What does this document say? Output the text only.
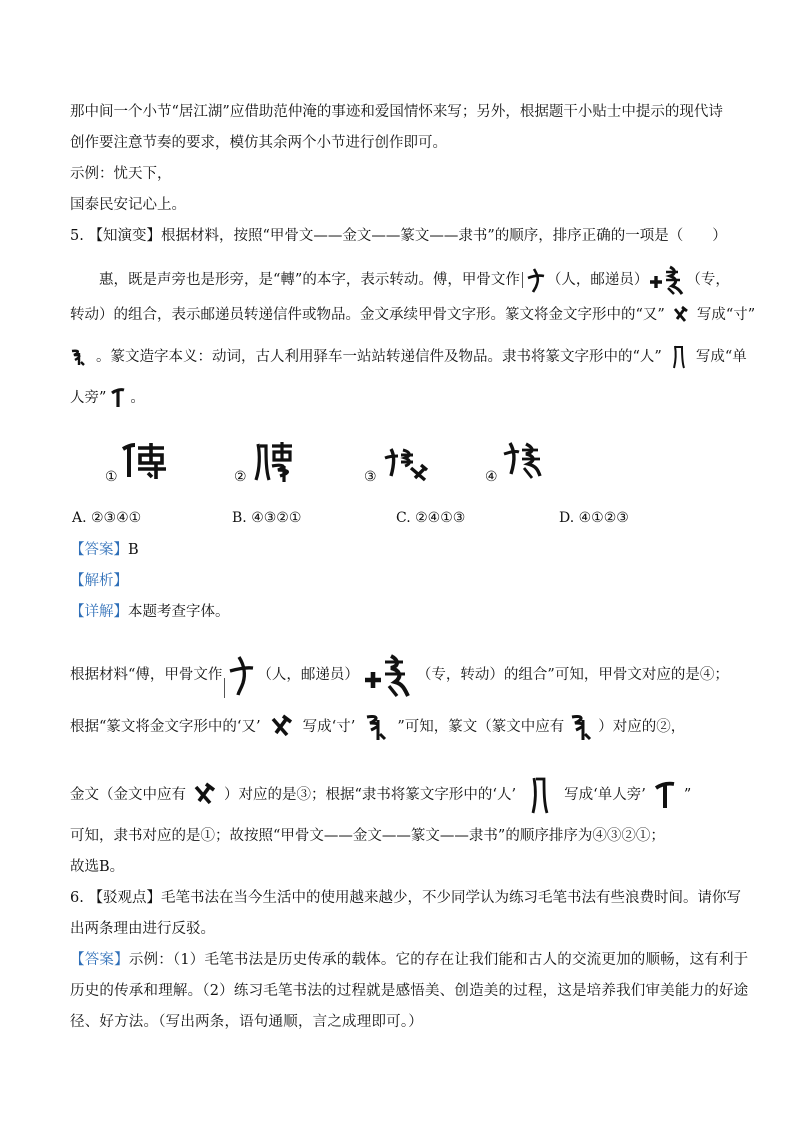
那中间一个小节“居江湖”应借助范仲淹的事迹和爱国情怀来写；另外，根据题干小贴士中提示的现代诗
创作要注意节奏的要求，模仿其余两个小节进行创作即可。
示例：忧天下，
国泰民安记心上。
5. 【知演变】根据材料，按照“甲骨文——金文——篆文——隶书”的顺序，排序正确的一项是（　　）
惠，既是声旁也是形旁，是“轉”的本字，表示转动。傅，甲骨文作 （人，邮递员）	（专，
转动）的组合，表示邮递员转递信件或物品。金文承续甲骨文字形。篆文将金文字形中的“又” 写成“寸”
。篆文造字本义：动词，古人利用驿车一站站转递信件及物品。隶书将篆文字形中的“人” 写成“单
人旁” 。
①	②	③	④
A. ②③④①	B. ④③②①	C. ②④①③	D. ④①②③
【答案】B
【解析】
【详解】本题考查字体。
根据材料“傅，甲骨文作 （人，邮递员）	（专，转动）的组合”可知，甲骨文对应的是④；
根据“篆文将金文字形中的‘又’	写成‘寸’	”可知，篆文（篆文中应有 ）对应的②，
金文（金文中应有	）对应的是③；根据“隶书将篆文字形中的‘人’	写成‘单人旁’	”
可知，隶书对应的是①；故按照“甲骨文——金文——篆文——隶书”的顺序排序为④③②①；
故选B。
6. 【驳观点】毛笔书法在当今生活中的使用越来越少，不少同学认为练习毛笔书法有些浪费时间。请你写
出两条理由进行反驳。
【答案】示例：（1）毛笔书法是历史传承的载体。它的存在让我们能和古人的交流更加的顺畅，这有利于
历史的传承和理解。（2）练习毛笔书法的过程就是感悟美、创造美的过程，这是培养我们审美能力的好途
径、好方法。（写出两条，语句通顺，言之成理即可。）
